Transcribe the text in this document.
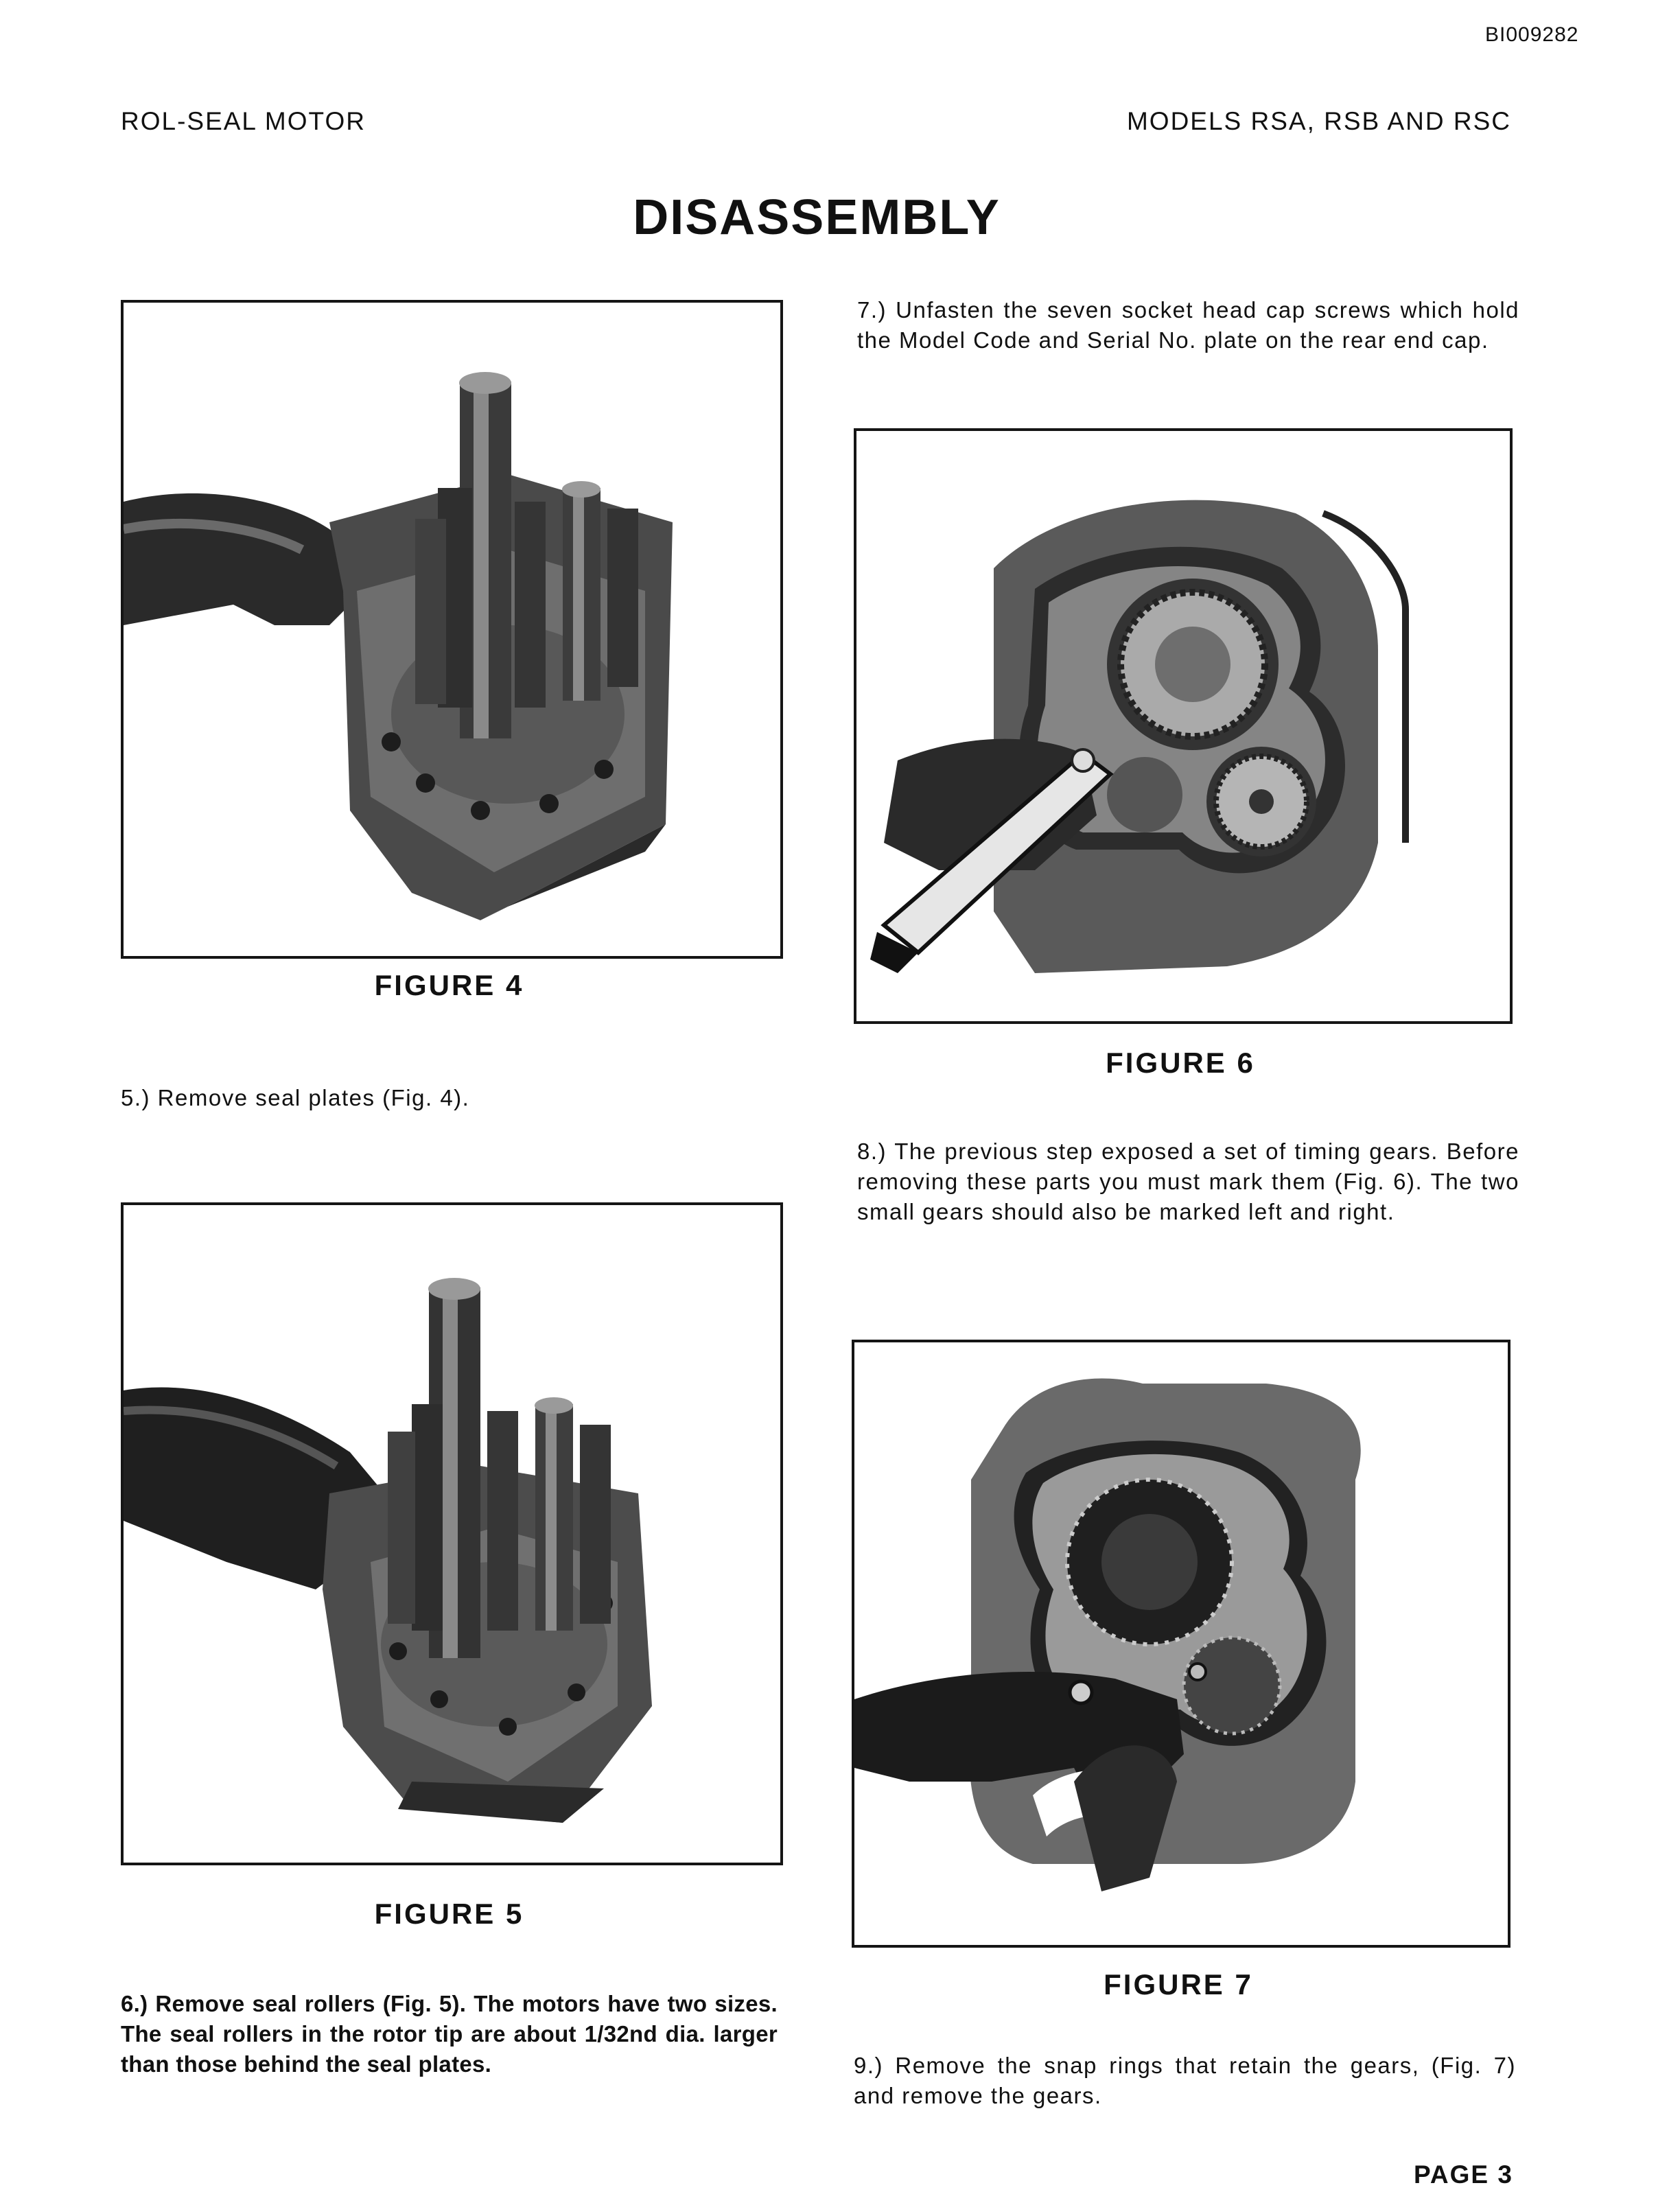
BI009282
ROL-SEAL MOTOR	MODELS RSA, RSB AND RSC
DISASSEMBLY
FIGURE 4
5.) Remove seal plates (Fig. 4).
FIGURE 5
6.) Remove seal rollers (Fig. 5). The motors have two sizes. The seal rollers in the rotor tip are about 1/32nd dia. larger than those behind the seal plates.
7.) Unfasten the seven socket head cap screws which hold the Model Code and Serial No. plate on the rear end cap.
FIGURE 6
8.) The previous step exposed a set of timing gears. Before removing these parts you must mark them (Fig. 6). The two small gears should also be marked left and right.
FIGURE 7
9.) Remove the snap rings that retain the gears, (Fig. 7) and remove the gears.
PAGE 3
